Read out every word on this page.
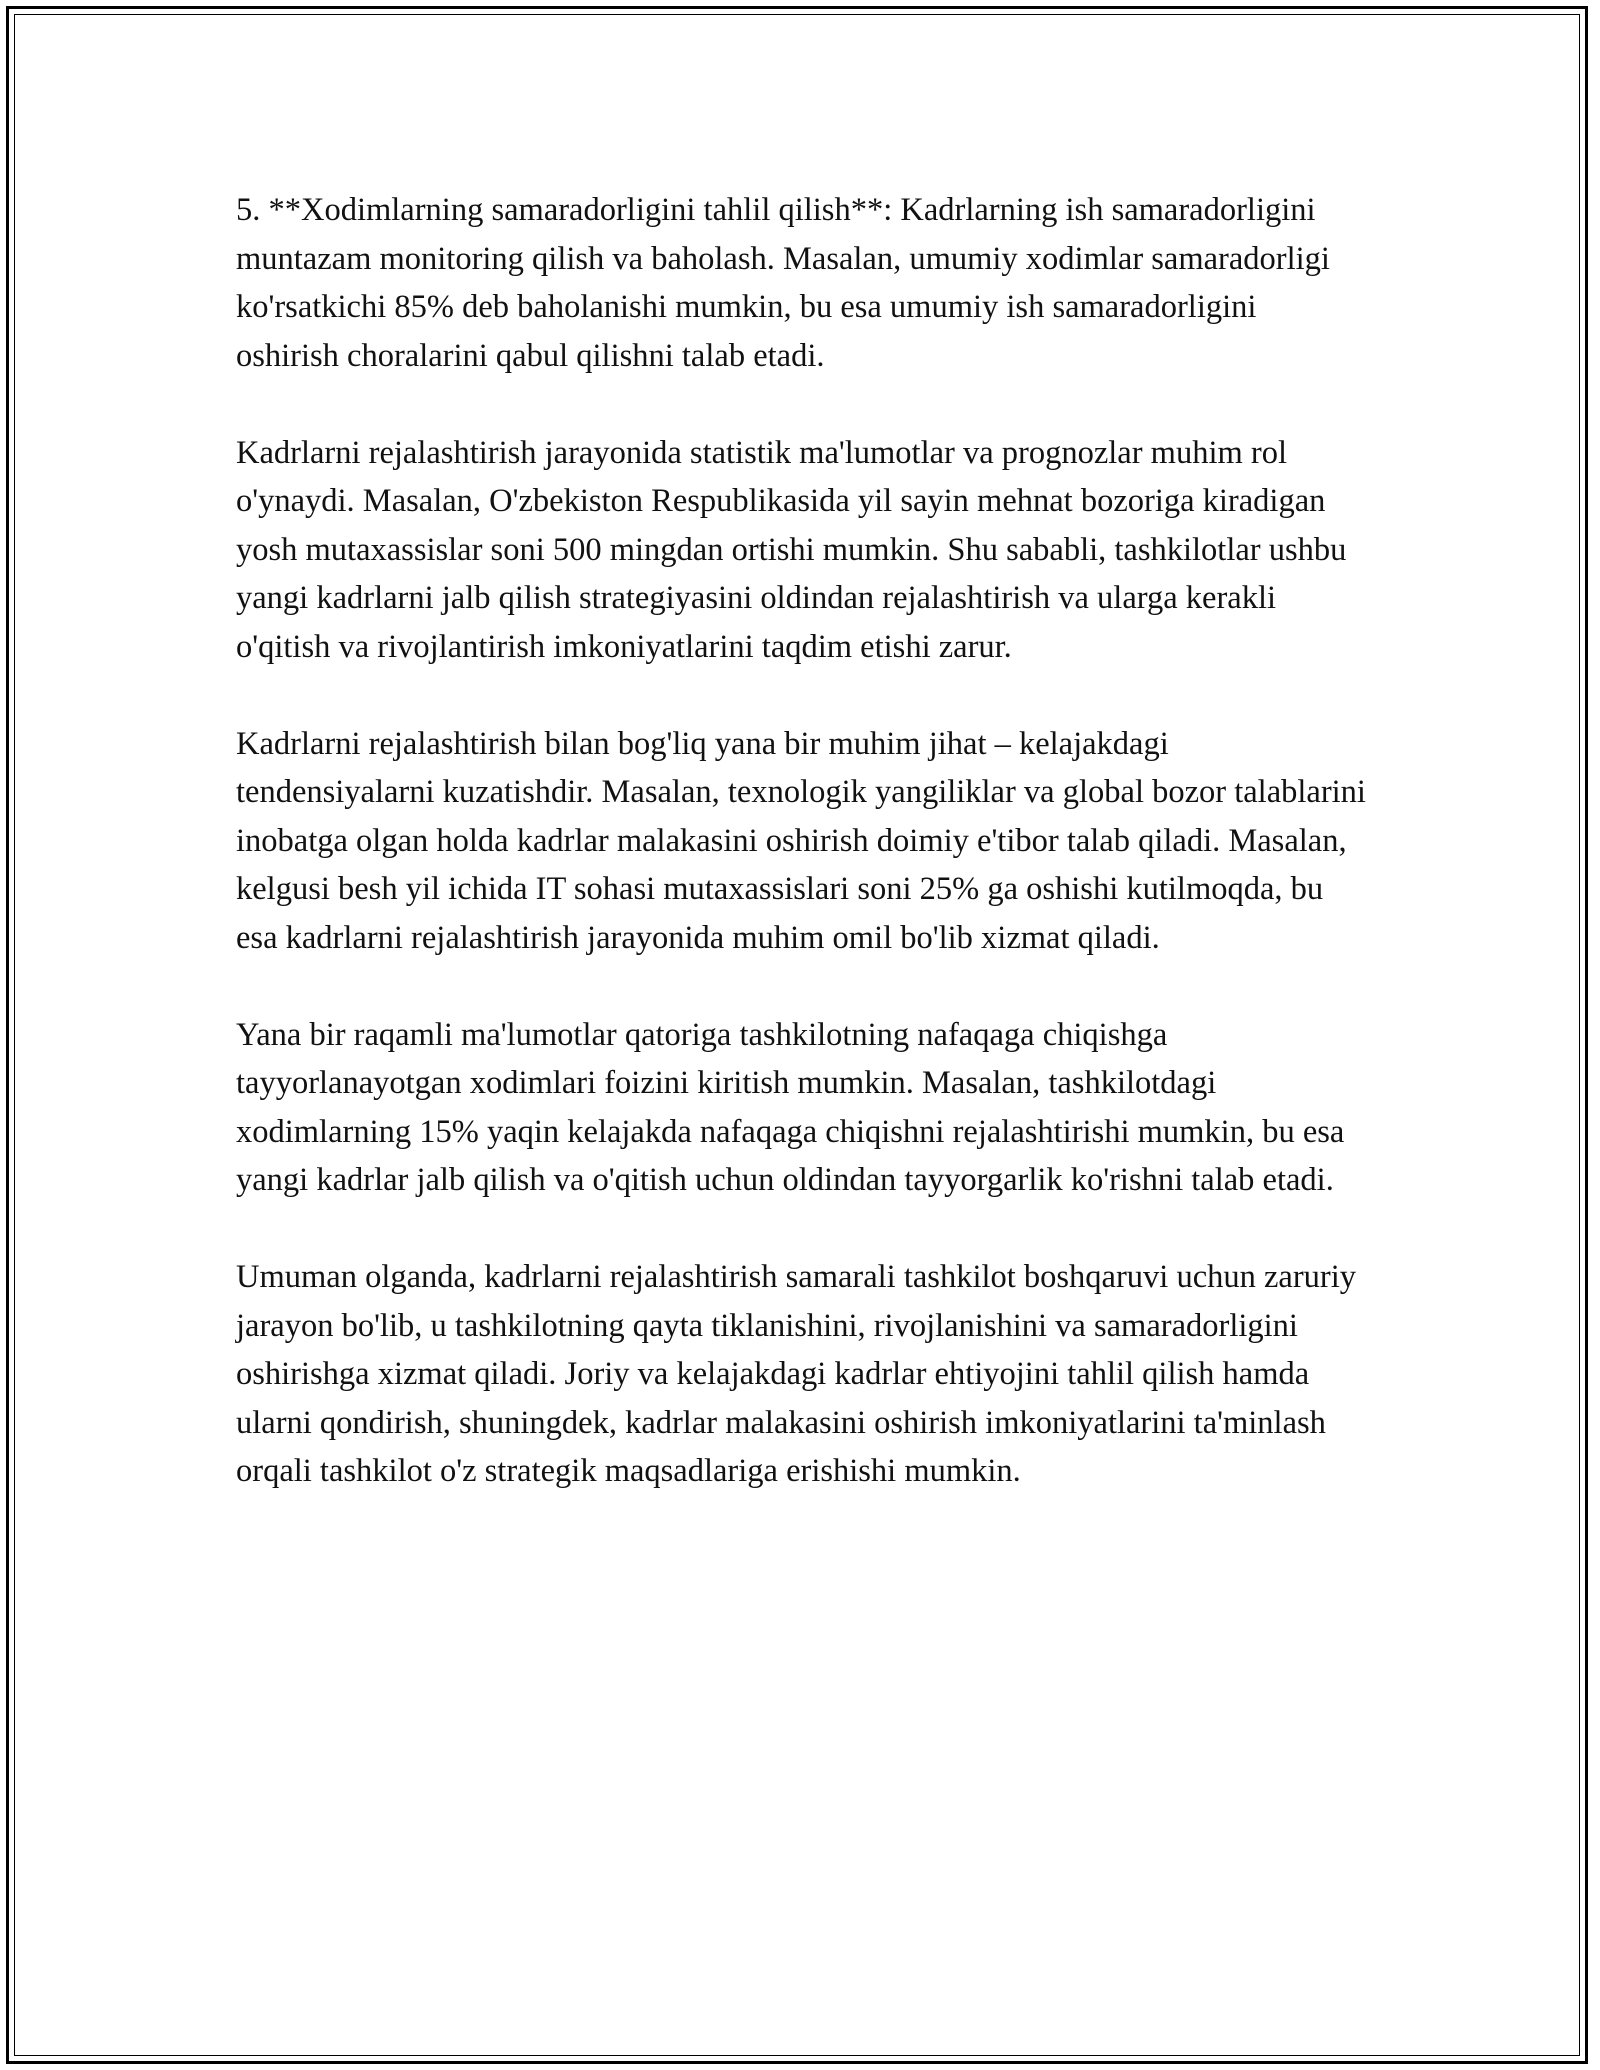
5. **Xodimlarning samaradorligini tahlil qilish**: Kadrlarning ish samaradorligini muntazam monitoring qilish va baholash. Masalan, umumiy xodimlar samaradorligi ko'rsatkichi 85% deb baholanishi mumkin, bu esa umumiy ish samaradorligini oshirish choralarini qabul qilishni talab etadi.

Kadrlarni rejalashtirish jarayonida statistik ma'lumotlar va prognozlar muhim rol o'ynaydi. Masalan, O'zbekiston Respublikasida yil sayin mehnat bozoriga kiradigan yosh mutaxassislar soni 500 mingdan ortishi mumkin. Shu sababli, tashkilotlar ushbu yangi kadrlarni jalb qilish strategiyasini oldindan rejalashtirish va ularga kerakli o'qitish va rivojlantirish imkoniyatlarini taqdim etishi zarur.

Kadrlarni rejalashtirish bilan bog'liq yana bir muhim jihat – kelajakdagi tendensiyalarni kuzatishdir. Masalan, texnologik yangiliklar va global bozor talablarini inobatga olgan holda kadrlar malakasini oshirish doimiy e'tibor talab qiladi. Masalan, kelgusi besh yil ichida IT sohasi mutaxassislari soni 25% ga oshishi kutilmoqda, bu esa kadrlarni rejalashtirish jarayonida muhim omil bo'lib xizmat qiladi.

Yana bir raqamli ma'lumotlar qatoriga tashkilotning nafaqaga chiqishga tayyorlanayotgan xodimlari foizini kiritish mumkin. Masalan, tashkilotdagi xodimlarning 15% yaqin kelajakda nafaqaga chiqishni rejalashtirishi mumkin, bu esa yangi kadrlar jalb qilish va o'qitish uchun oldindan tayyorgarlik ko'rishni talab etadi.

Umuman olganda, kadrlarni rejalashtirish samarali tashkilot boshqaruvi uchun zaruriy jarayon bo'lib, u tashkilotning qayta tiklanishini, rivojlanishini va samaradorligini oshirishga xizmat qiladi. Joriy va kelajakdagi kadrlar ehtiyojini tahlil qilish hamda ularni qondirish, shuningdek, kadrlar malakasini oshirish imkoniyatlarini ta'minlash orqali tashkilot o'z strategik maqsadlariga erishishi mumkin.
